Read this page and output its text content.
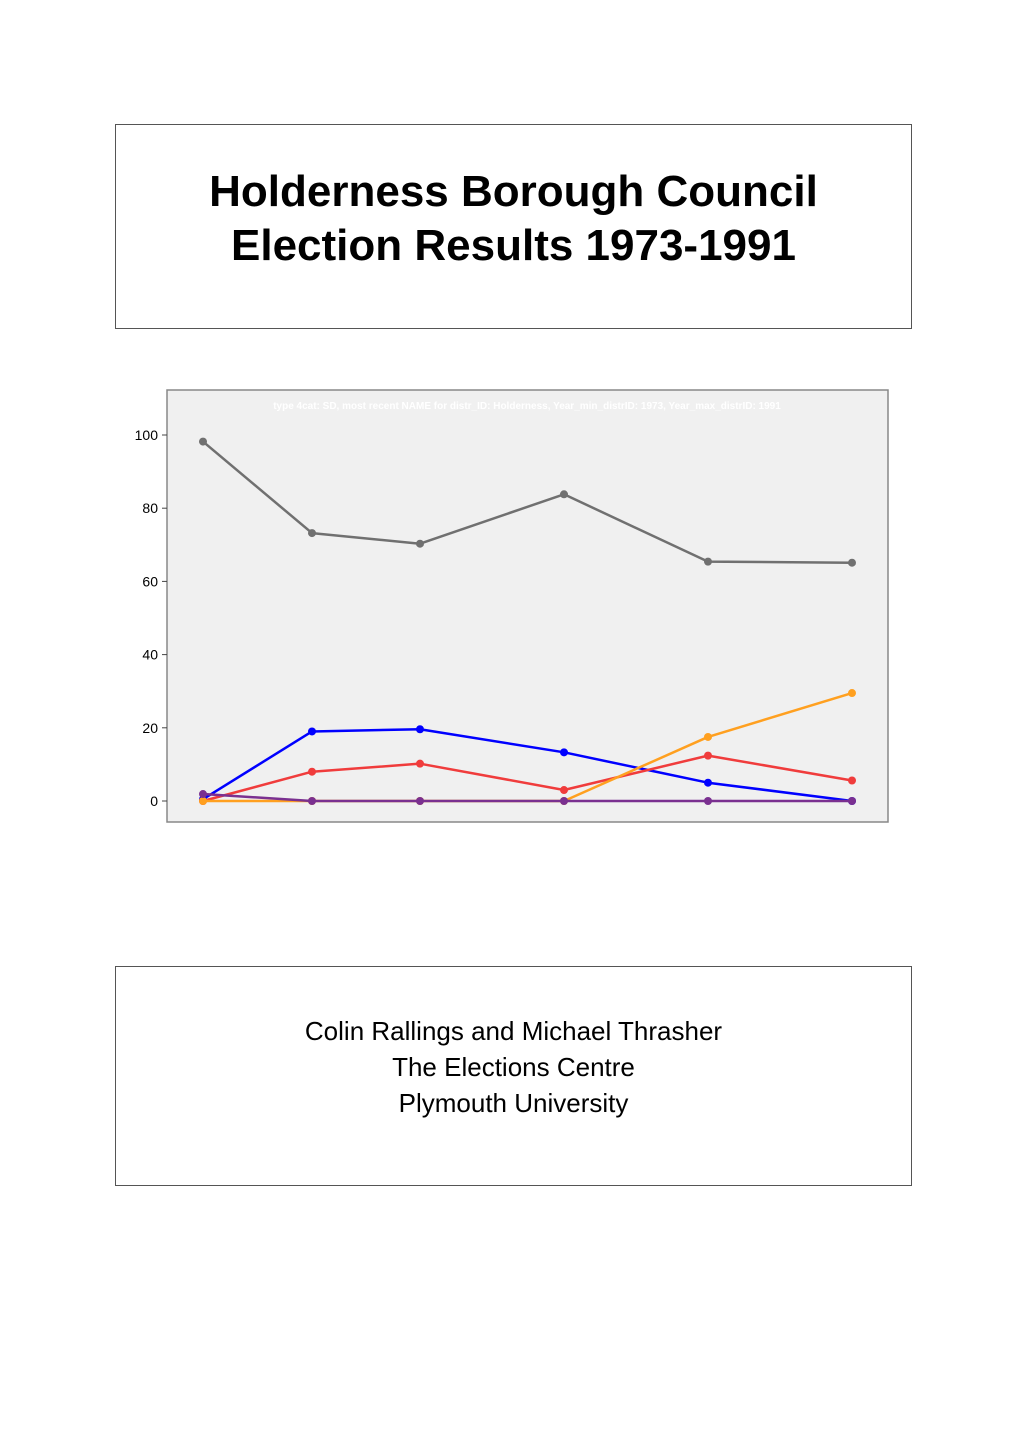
Holderness Borough Council
Election Results 1973-1991
type 4cat: SD, most recent NAME for distr_ID: Holderness, Year_min_distrID: 1973, Year_max_distrID: 1991
0
20
40
60
80
100
Colin Rallings and Michael Thrasher
The Elections Centre
Plymouth University
